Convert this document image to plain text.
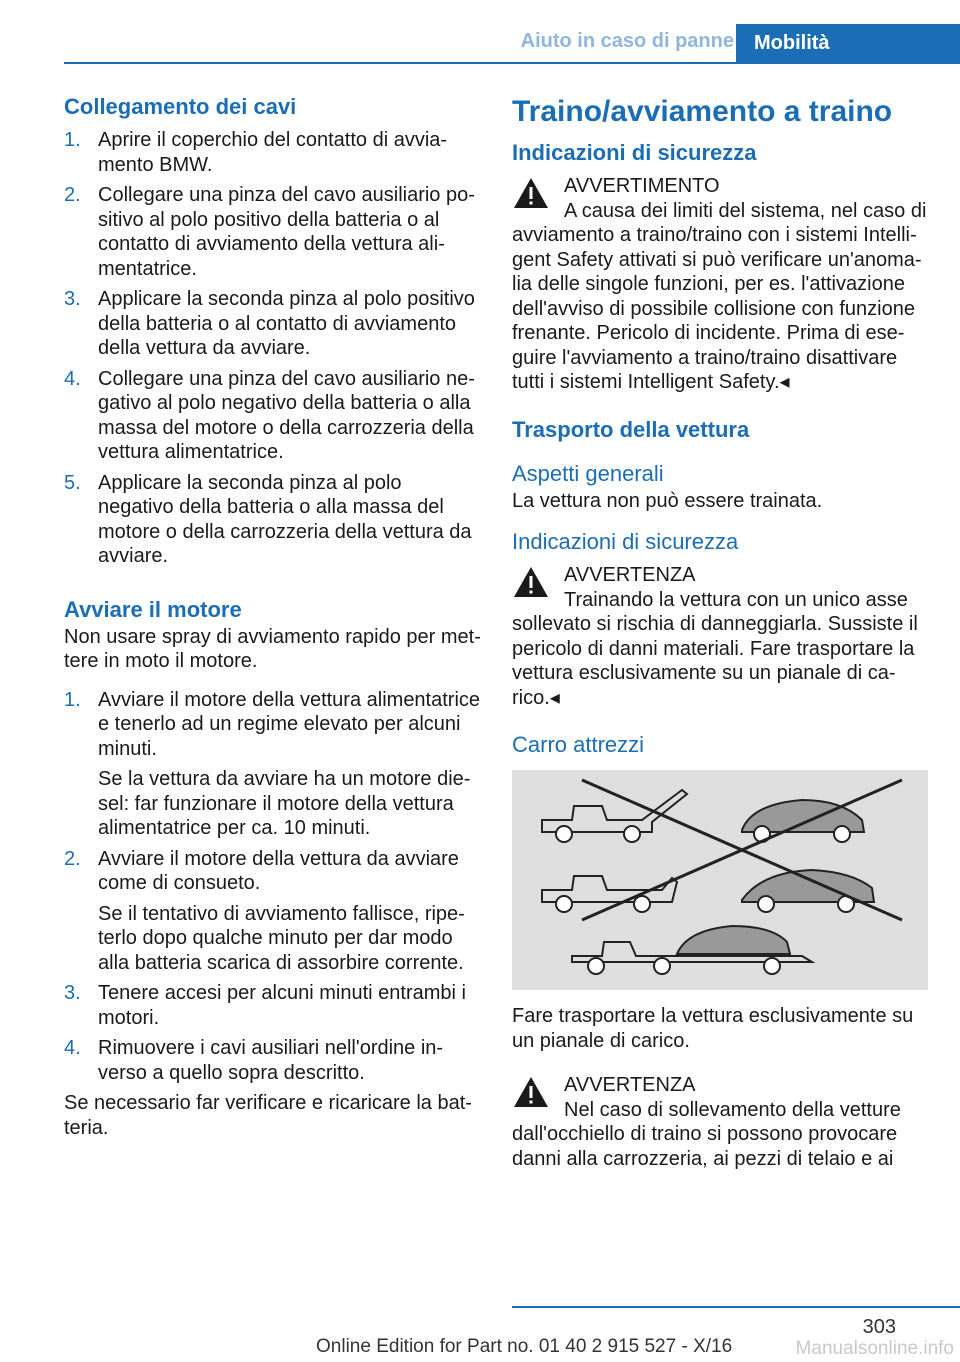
Aiuto in caso di panne	Mobilità
Collegamento dei cavi
1. Aprire il coperchio del contatto di avvia-mento BMW.
2. Collegare una pinza del cavo ausiliario po-sitivo al polo positivo della batteria o al contatto di avviamento della vettura ali-mentatrice.
3. Applicare la seconda pinza al polo positivo della batteria o al contatto di avviamento della vettura da avviare.
4. Collegare una pinza del cavo ausiliario ne-gativo al polo negativo della batteria o alla massa del motore o della carrozzeria della vettura alimentatrice.
5. Applicare la seconda pinza al polo negativo della batteria o alla massa del motore o della carrozzeria della vettura da avviare.
Avviare il motore

Non usare spray di avviamento rapido per met-tere in moto il motore.

1. Avviare il motore della vettura alimentatrice e tenerlo ad un regime elevato per alcuni minuti.
Se la vettura da avviare ha un motore die-sel: far funzionare il motore della vettura alimentatrice per ca. 10 minuti.
2. Avviare il motore della vettura da avviare come di consueto.
Se il tentativo di avviamento fallisce, ripe-terlo dopo qualche minuto per dar modo alla batteria scarica di assorbire corrente.
3. Tenere accesi per alcuni minuti entrambi i motori.
4. Rimuovere i cavi ausiliari nell'ordine in-verso a quello sopra descritto.

Se necessario far verificare e ricaricare la bat-teria.

Traino/avviamento a traino
Indicazioni di sicurezza
AVVERTIMENTO
A causa dei limiti del sistema, nel caso di avviamento a traino/traino con i sistemi Intelli-gent Safety attivati si può verificare un'anoma-lia delle singole funzioni, per es. l'attivazione dell'avviso di possibile collisione con funzione frenante. Pericolo di incidente. Prima di ese-guire l'avviamento a traino/traino disattivare tutti i sistemi Intelligent Safety.◂
Trasporto della vettura
Aspetti generali

La vettura non può essere trainata.

Indicazioni di sicurezza
AVVERTENZA
Trainando la vettura con un unico asse sollevato si rischia di danneggiarla. Sussiste il pericolo di danni materiali. Fare trasportare la vettura esclusivamente su un pianale di ca-rico.◂
Carro attrezzi

Fare trasportare la vettura esclusivamente su un pianale di carico.

AVVERTENZA
Nel caso di sollevamento della vetture dall'occhiello di traino si possono provocare danni alla carrozzeria, ai pezzi di telaio e ai
303
Online Edition for Part no. 01 40 2 915 527 - X/16	Manualsonline.info
